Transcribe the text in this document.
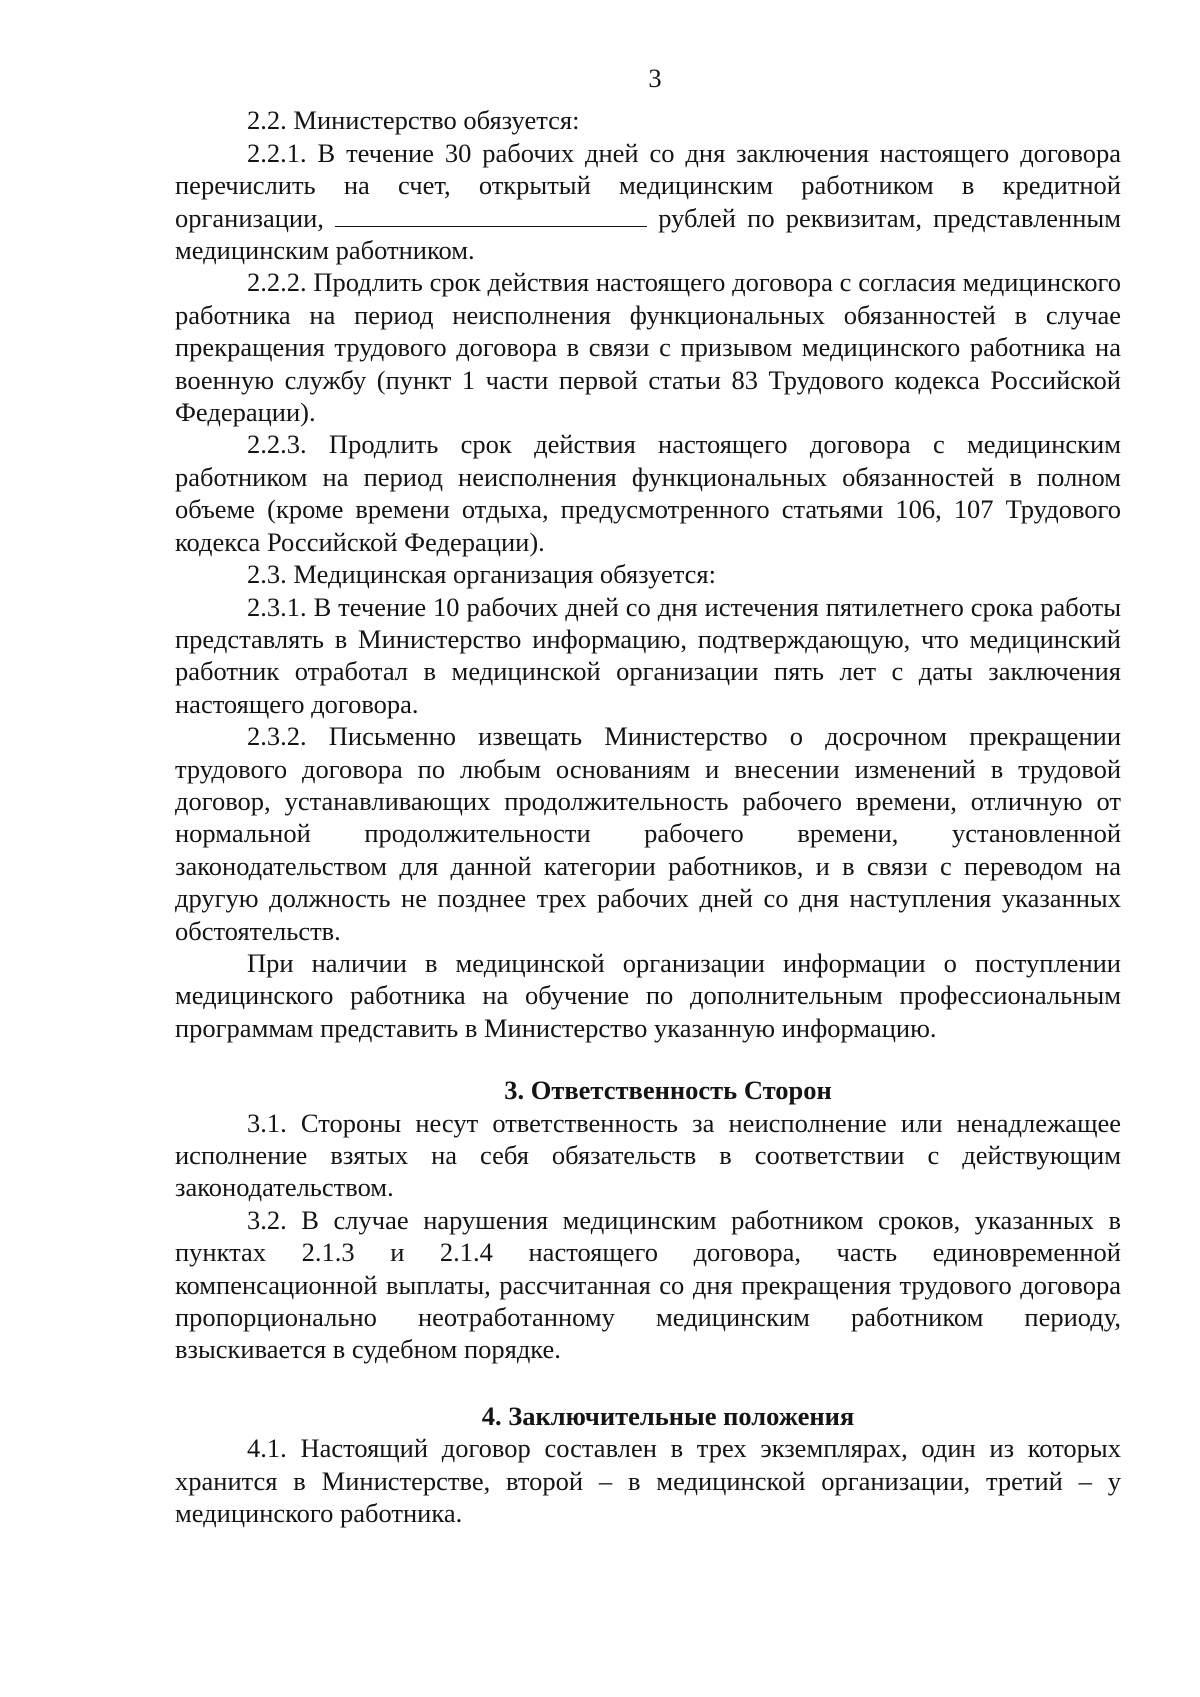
3

2.2. Министерство обязуется:

2.2.1. В течение 30 рабочих дней со дня заключения настоящего договора перечислить на счет, открытый медицинским работником в кредитной организации,	рублей по реквизитам, представленным медицинским работником.

2.2.2. Продлить срок действия настоящего договора с согласия медицинского работника на период неисполнения функциональных обязанностей в случае прекращения трудового договора в связи с призывом медицинского работника на военную службу (пункт 1 части первой статьи 83 Трудового кодекса Российской Федерации).

2.2.3. Продлить срок действия настоящего договора с медицинским работником на период неисполнения функциональных обязанностей в полном объеме (кроме времени отдыха, предусмотренного статьями 106, 107 Трудового кодекса Российской Федерации).

2.3. Медицинская организация обязуется:

2.3.1. В течение 10 рабочих дней со дня истечения пятилетнего срока работы представлять в Министерство информацию, подтверждающую, что медицинский работник отработал в медицинской организации пять лет с даты заключения настоящего договора.

2.3.2. Письменно извещать Министерство о досрочном прекращении трудового договора по любым основаниям и внесении изменений в трудовой договор, устанавливающих продолжительность рабочего времени, отличную от нормальной продолжительности рабочего времени, установленной законодательством для данной категории работников, и в связи с переводом на другую должность не позднее трех рабочих дней со дня наступления указанных обстоятельств.

При наличии в медицинской организации информации о поступлении медицинского работника на обучение по дополнительным профессиональным программам представить в Министерство указанную информацию.

3. Ответственность Сторон

3.1. Стороны несут ответственность за неисполнение или ненадлежащее исполнение взятых на себя обязательств в соответствии с действующим законодательством.

3.2. В случае нарушения медицинским работником сроков, указанных в пунктах 2.1.3 и 2.1.4 настоящего договора, часть единовременной компенсационной выплаты, рассчитанная со дня прекращения трудового договора пропорционально неотработанному медицинским работником периоду, взыскивается в судебном порядке.

4. Заключительные положения

4.1. Настоящий договор составлен в трех экземплярах, один из которых хранится в Министерстве, второй – в медицинской организации, третий – у медицинского работника.
